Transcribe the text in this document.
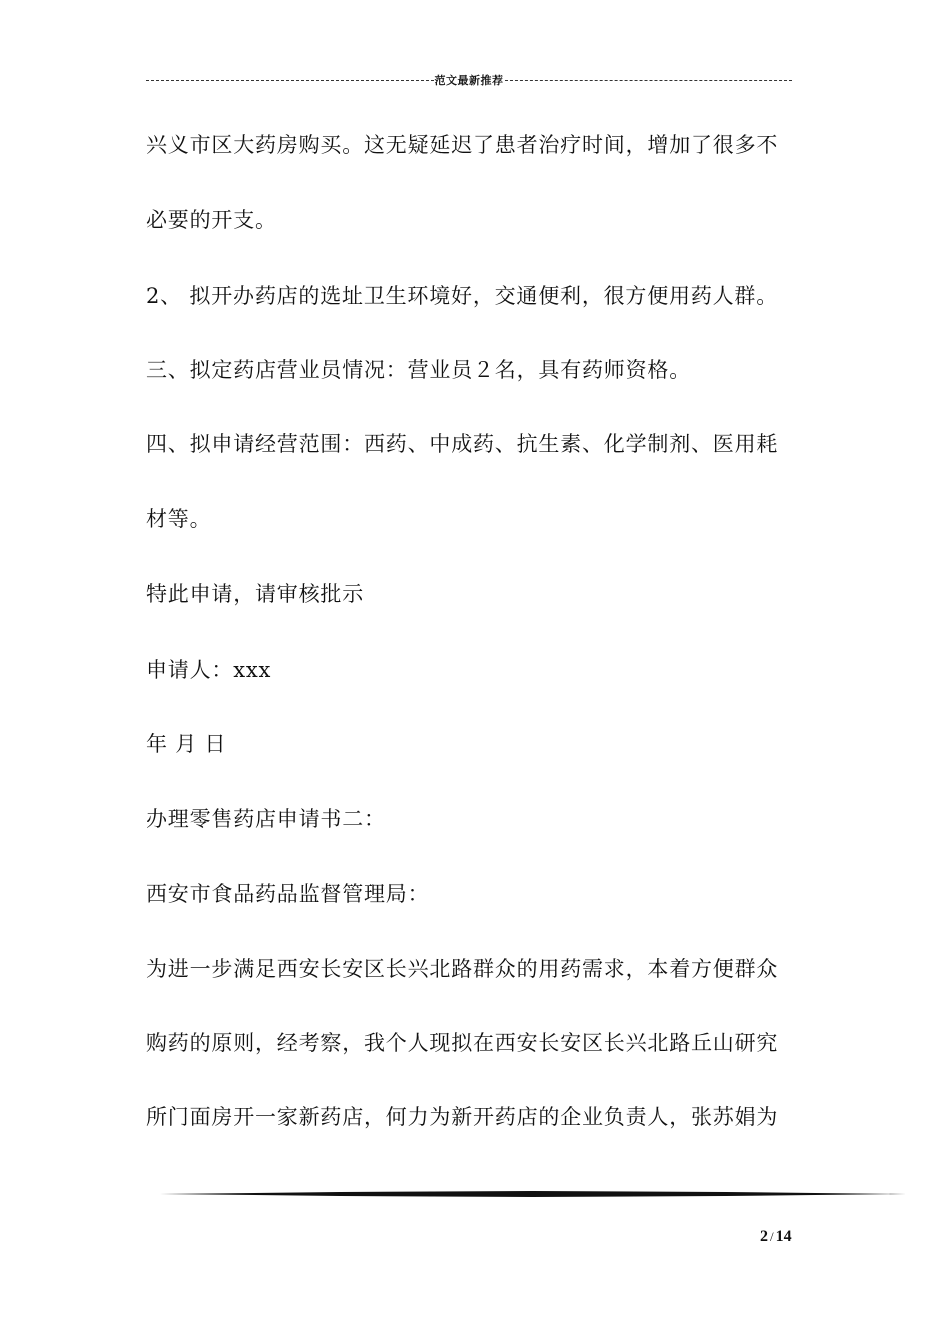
范文最新推荐
兴义市区大药房购买。这无疑延迟了患者治疗时间，增加了很多不
必要的开支。
2、 拟开办药店的选址卫生环境好，交通便利，很方便用药人群。
三、拟定药店营业员情况：营业员２名，具有药师资格。
四、拟申请经营范围：西药、中成药、抗生素、化学制剂、医用耗
材等。
特此申请，请审核批示
申请人：xxx
年 月 日
办理零售药店申请书二：
西安市食品药品监督管理局：
为进一步满足西安长安区长兴北路群众的用药需求，本着方便群众
购药的原则，经考察，我个人现拟在西安长安区长兴北路丘山研究
所门面房开一家新药店，何力为新开药店的企业负责人，张苏娟为
2 / 14
